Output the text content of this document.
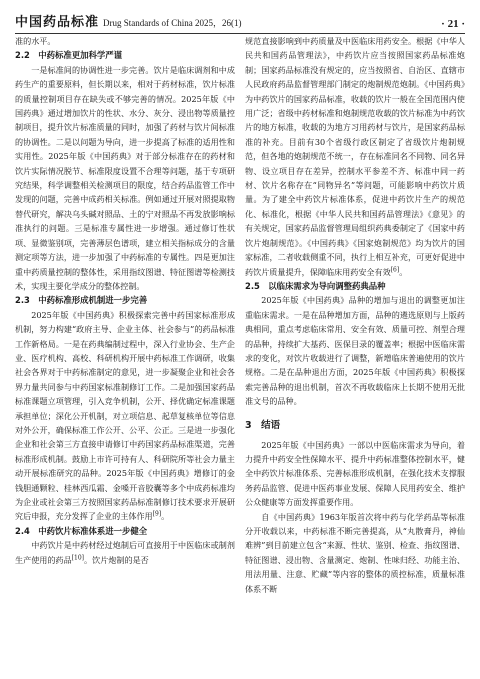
中国药品标准 Drug Standards of China 2025，26(1)	· 21 ·

准的水平。

2.2　中药标准更加科学严谨

一是标准间的协调性进一步完善。饮片是临床调剂和中成药生产的重要原料，但长期以来，相对于药材标准，饮片标准的质量控制项目存在缺失或不够完善的情况。2025年版《中国药典》通过增加饮片的性状、水分、灰分、浸出物等质量控制项目，提升饮片标准质量的同时，加强了药材与饮片间标准的协调性。二是以问题为导向，进一步提高了标准的适用性和实用性。2025年版《中国药典》对于部分标准存在的药材和饮片实际情况脱节、标准限度设置不合理等问题，基于专项研究结果，科学调整相关检测项目的限度，结合药品监管工作中发现的问题，完善中成药相关标准。例如通过开展对照提取物替代研究，解决乌头碱对照品、土的宁对照品不再发放影响标准执行的问题。三是标准专属性进一步增强。通过修订性状项、显微鉴别项，完善薄层色谱项，建立相关指标成分的含量测定项等方法，进一步加强了中药标准的专属性。四是更加注重中药质量控制的整体性，采用指纹图谱、特征图谱等检测技术，实现主要化学成分的整体控制。

2.3　中药标准形成机制进一步完善

2025年版《中国药典》积极探索完善中药国家标准形成机制，努力构建“政府主导、企业主体、社会参与”的药品标准工作新格局。一是在药典编制过程中，深入行业协会、生产企业、医疗机构、高校、科研机构开展中药标准工作调研，收集社会各界对于中药标准制定的意见，进一步凝聚企业和社会各界力量共同参与中药国家标准制修订工作。二是加强国家药品标准课题立项管理，引入竞争机制，公开、择优确定标准课题承担单位；深化公开机制，对立项信息、起草复核单位等信息对外公开，确保标准工作公开、公平、公正。三是进一步强化企业和社会第三方直接申请修订中药国家药品标准渠道，完善标准形成机制。鼓励上市许可持有人、科研院所等社会力量主动开展标准研究的品种。2025年版《中国药典》增修订的金钱胆通颗粒、桂林西瓜霜、金嗓开音胶囊等多个中成药标准均为企业或社会第三方按照国家药品标准制修订技术要求开展研究后申报，充分发挥了企业的主体作用[9]。

2.4　中药饮片标准体系进一步健全

中药饮片是中药材经过炮制后可直接用于中医临床或制剂生产使用的药品[10]。饮片炮制的是否

规范直接影响到中药质量及中医临床用药安全。根据《中华人民共和国药品管理法》，中药饮片应当按照国家药品标准炮制；国家药品标准没有规定的，应当按照省、自治区、直辖市人民政府药品监督管理部门制定的炮制规范炮制。《中国药典》为中药饮片的国家药品标准，收载的饮片一般在全国范围内使用广泛；省级中药材标准和炮制规范收载的饮片标准为中药饮片的地方标准，收载的为地方习用药材与饮片，是国家药品标准的补充。目前有30个省级行政区制定了省级饮片炮制规范，但各地的炮制规范不统一，存在标准同名不同物、同名异物、设立项目存在差异，控制水平参差不齐、标准中同一药材、饮片名称存在“同物异名”等问题，可能影响中药饮片质量。为了建全中药饮片标准体系，促进中药饮片生产的规范化、标准化，根据《中华人民共和国药品管理法》《意见》的有关规定，国家药品监督管理局组织药典委制定了《国家中药饮片炮制规范》。《中国药典》《国家炮制规范》均为饮片的国家标准，二者收载侧重不同，执行上相互补充，可更好促进中药饮片质量提升，保障临床用药安全有效[6]。

2.5　以临床需求为导向调整药典品种

2025年版《中国药典》品种的增加与退出的调整更加注重临床需求。一是在品种增加方面，品种的遴选原则与上版药典相同，重点考虑临床常用、安全有效、质量可控、剂型合理的品种，持续扩大基药、医保目录的覆盖率；根据中医临床需求的变化，对饮片收载进行了调整，新增临床普遍使用的饮片规格。二是在品种退出方面，2025年版《中国药典》积极探索完善品种的退出机制，首次不再收载临床上长期不使用无批准文号的品种。

3　结语

2025年版《中国药典》一部以中医临床需求为导向，着力提升中药安全性保障水平、提升中药标准整体控制水平，健全中药饮片标准体系、完善标准形成机制，在强化技术支撑服务药品监管、促进中医药事业发展、保障人民用药安全、维护公众健康等方面发挥重要作用。

自《中国药典》1963年版首次将中药与化学药品等标准分开收载以来，中药标准不断完善提高，从“丸散膏丹，神仙难辨”到目前建立包含“来源、性状、鉴别、检查、指纹图谱、特征图谱、浸出物、含量测定、炮制、性味归经、功能主治、用法用量、注意、贮藏”等内容的整体的质控标准，质量标准体系不断
